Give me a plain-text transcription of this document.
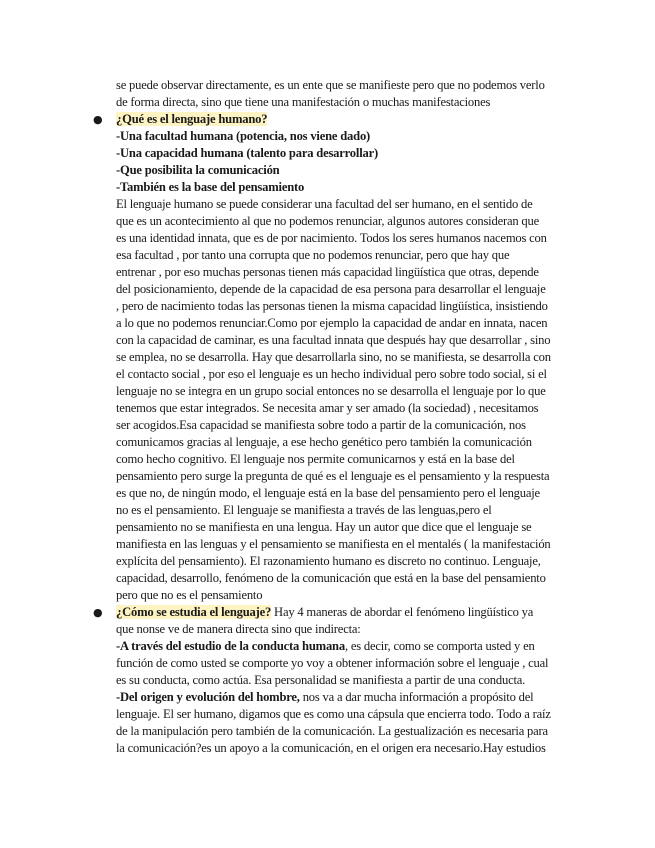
se puede observar directamente, es un ente que se manifieste pero que no podemos verlo
de forma directa, sino que tiene una manifestación o muchas manifestaciones
● ¿Qué es el lenguaje humano?
-Una facultad humana (potencia, nos viene dado)
-Una capacidad humana (talento para desarrollar)
-Que posibilita la comunicación
-También es la base del pensamiento
El lenguaje humano se puede considerar una facultad del ser humano, en el sentido de
que es un acontecimiento al que no podemos renunciar, algunos autores consideran que
es una identidad innata, que es de por nacimiento. Todos los seres humanos nacemos con
esa facultad , por tanto una corrupta que no podemos renunciar, pero que hay que
entrenar , por eso muchas personas tienen más capacidad lingüística que otras, depende
del posicionamiento, depende de la capacidad de esa persona para desarrollar el lenguaje
, pero de nacimiento todas las personas tienen la misma capacidad lingüística, insistiendo
a lo que no podemos renunciar.Como por ejemplo la capacidad de andar en innata, nacen
con la capacidad de caminar, es una facultad innata que después hay que desarrollar , sino
se emplea, no se desarrolla. Hay que desarrollarla sino, no se manifiesta, se desarrolla con
el contacto social , por eso el lenguaje es un hecho individual pero sobre todo social, si el
lenguaje no se integra en un grupo social entonces no se desarrolla el lenguaje por lo que
tenemos que estar integrados. Se necesita amar y ser amado (la sociedad) , necesitamos
ser acogidos.Esa capacidad se manifiesta sobre todo a partir de la comunicación, nos
comunicamos gracias al lenguaje, a ese hecho genético pero también la comunicación
como hecho cognitivo. El lenguaje nos permite comunicarnos y está en la base del
pensamiento pero surge la pregunta de qué es el lenguaje es el pensamiento y la respuesta
es que no, de ningún modo, el lenguaje está en la base del pensamiento pero el lenguaje
no es el pensamiento. El lenguaje se manifiesta a través de las lenguas,pero el
pensamiento no se manifiesta en una lengua. Hay un autor que dice que el lenguaje se
manifiesta en las lenguas y el pensamiento se manifiesta en el mentalés ( la manifestación
explícita del pensamiento). El razonamiento humano es discreto no continuo. Lenguaje,
capacidad, desarrollo, fenómeno de la comunicación que está en la base del pensamiento
pero que no es el pensamiento
● ¿Cómo se estudia el lenguaje? Hay 4 maneras de abordar el fenómeno lingüístico ya
que nonse ve de manera directa sino que indirecta:
-A través del estudio de la conducta humana, es decir, como se comporta usted y en
función de como usted se comporte yo voy a obtener información sobre el lenguaje , cual
es su conducta, como actúa. Esa personalidad se manifiesta a partir de una conducta.
-Del origen y evolución del hombre, nos va a dar mucha información a propósito del
lenguaje. El ser humano, digamos que es como una cápsula que encierra todo. Todo a raíz
de la manipulación pero también de la comunicación. La gestualización es necesaria para
la comunicación?es un apoyo a la comunicación, en el origen era necesario.Hay estudios
